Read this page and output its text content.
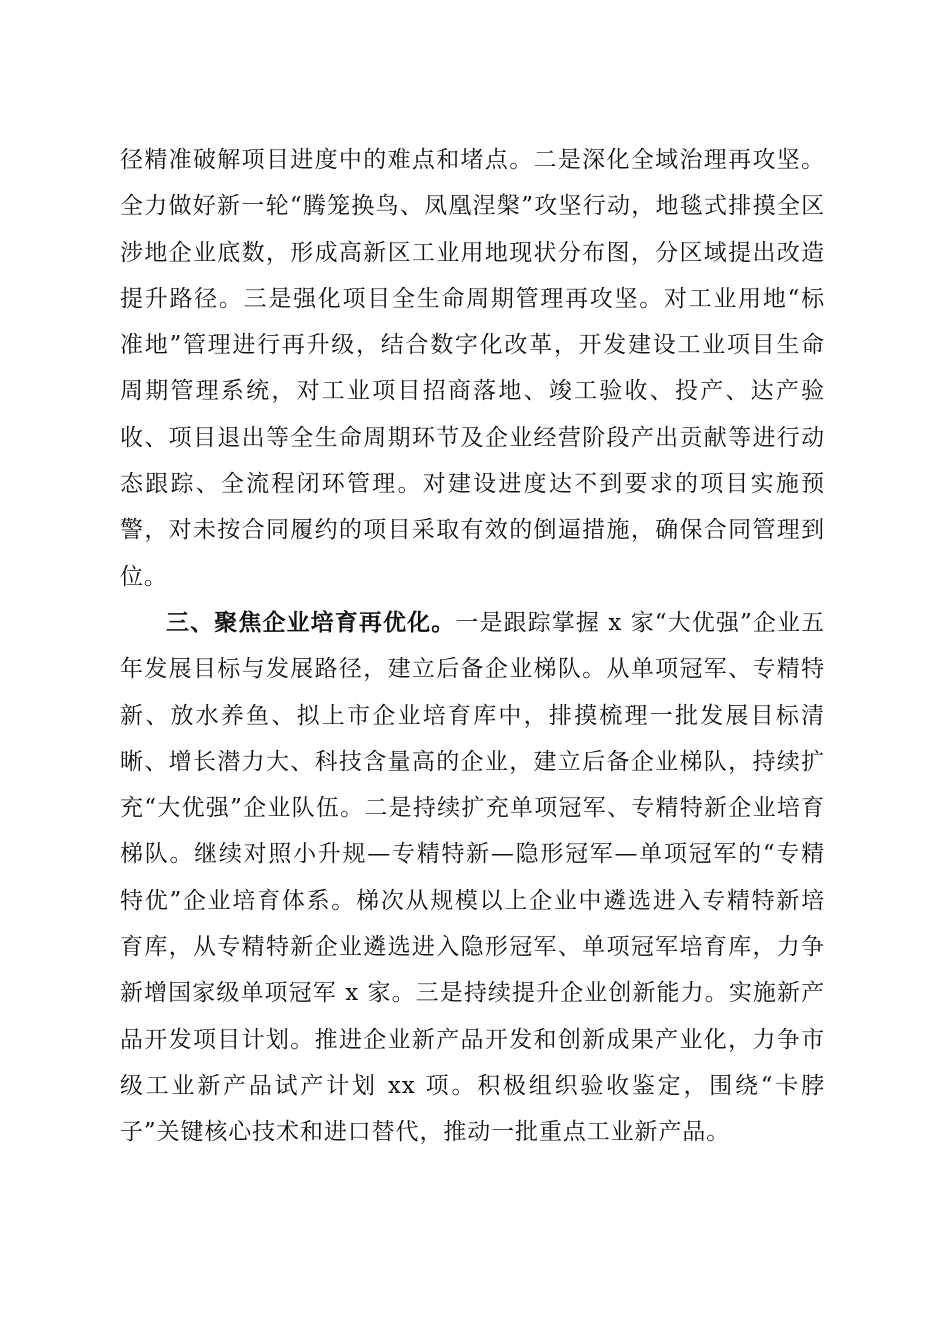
径精准破解项目进度中的难点和堵点。二是深化全域治理再攻坚。全力做好新一轮“腾笼换鸟、凤凰涅槃”攻坚行动，地毯式排摸全区涉地企业底数，形成高新区工业用地现状分布图，分区域提出改造提升路径。三是强化项目全生命周期管理再攻坚。对工业用地“标准地”管理进行再升级，结合数字化改革，开发建设工业项目生命周期管理系统，对工业项目招商落地、竣工验收、投产、达产验收、项目退出等全生命周期环节及企业经营阶段产出贡献等进行动态跟踪、全流程闭环管理。对建设进度达不到要求的项目实施预警，对未按合同履约的项目采取有效的倒逼措施，确保合同管理到位。

三、聚焦企业培育再优化。一是跟踪掌握 x 家“大优强”企业五年发展目标与发展路径，建立后备企业梯队。从单项冠军、专精特新、放水养鱼、拟上市企业培育库中，排摸梳理一批发展目标清晰、增长潜力大、科技含量高的企业，建立后备企业梯队，持续扩充“大优强”企业队伍。二是持续扩充单项冠军、专精特新企业培育梯队。继续对照小升规—专精特新—隐形冠军—单项冠军的“专精特优”企业培育体系。梯次从规模以上企业中遴选进入专精特新培育库，从专精特新企业遴选进入隐形冠军、单项冠军培育库，力争新增国家级单项冠军 x 家。三是持续提升企业创新能力。实施新产品开发项目计划。推进企业新产品开发和创新成果产业化，力争市级工业新产品试产计划 xx 项。积极组织验收鉴定，围绕“卡脖子”关键核心技术和进口替代，推动一批重点工业新产品。
